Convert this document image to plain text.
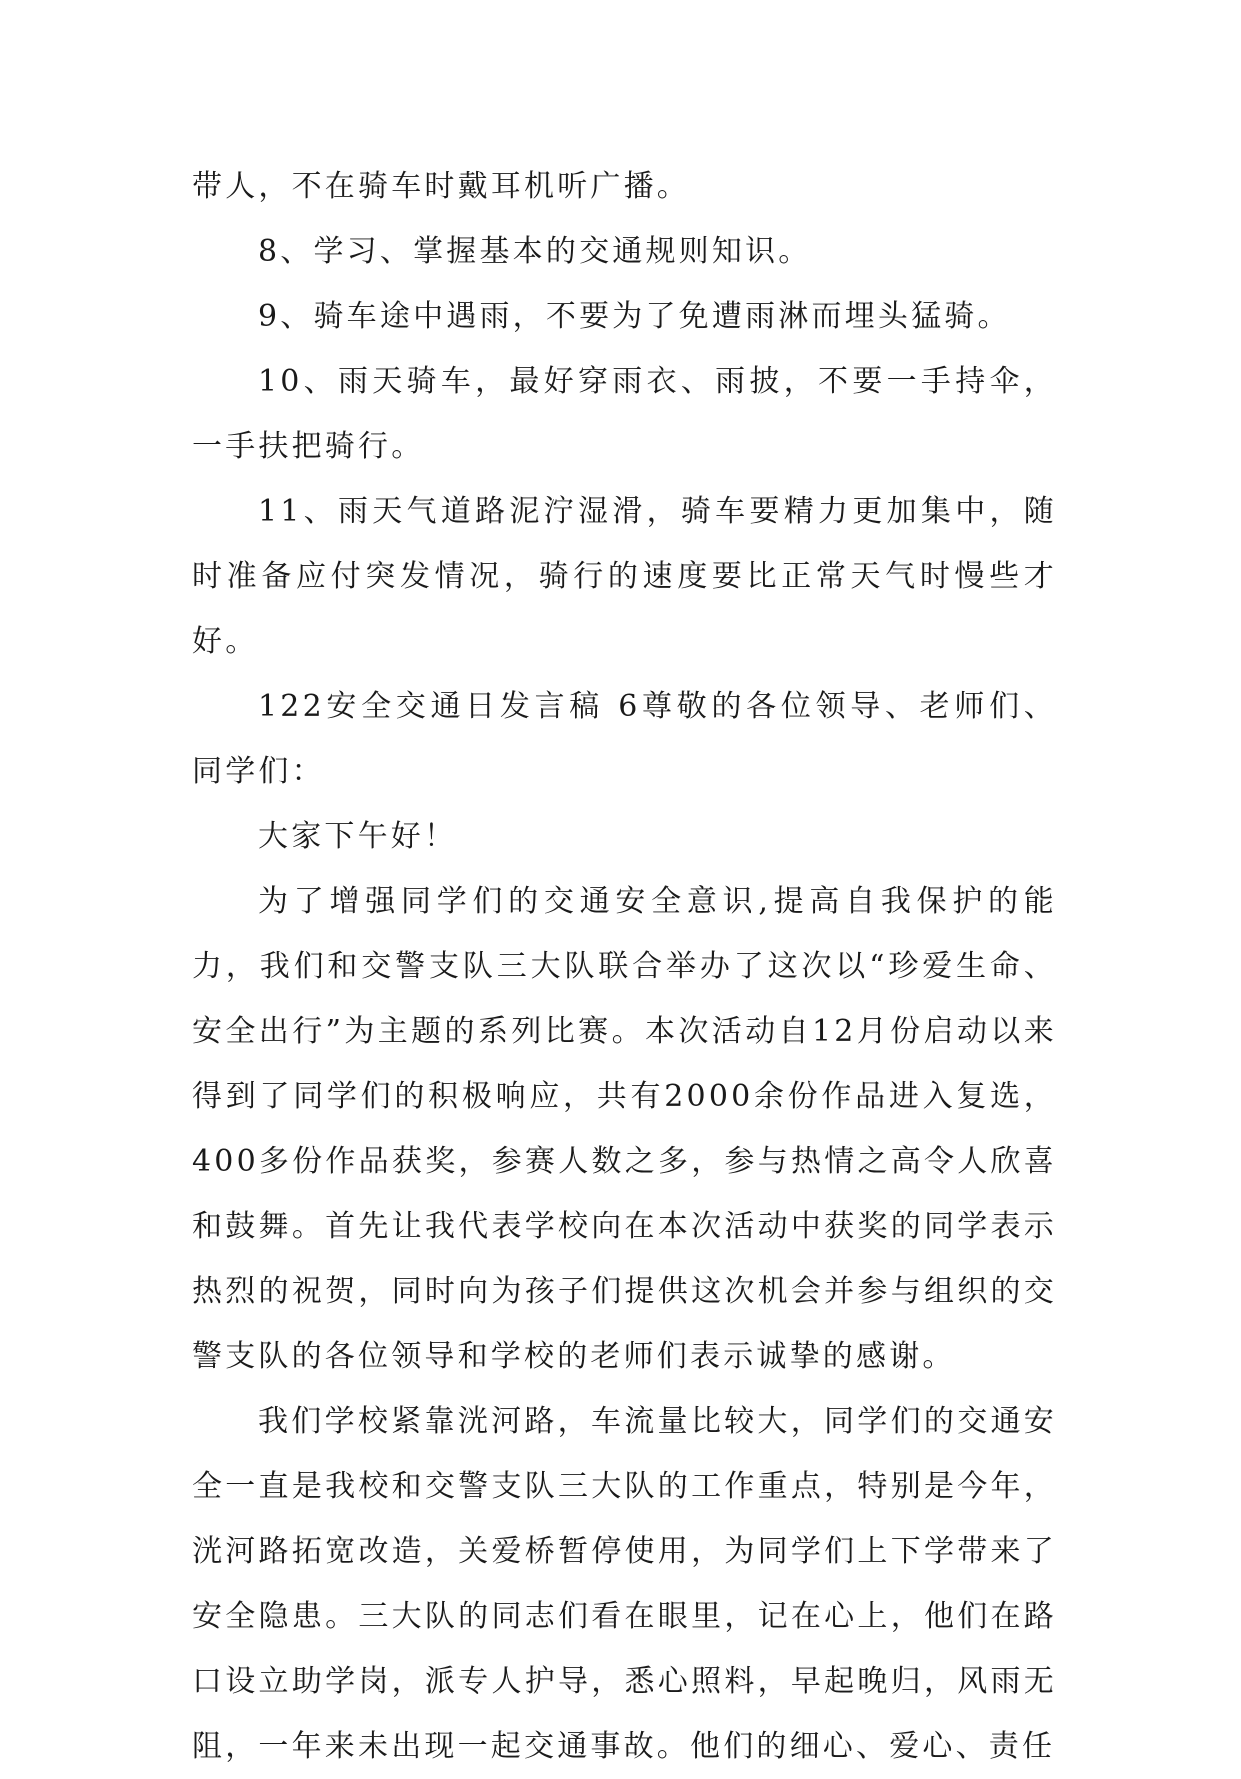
带人，不在骑车时戴耳机听广播。

8、学习、掌握基本的交通规则知识。

9、骑车途中遇雨，不要为了免遭雨淋而埋头猛骑。

10、雨天骑车，最好穿雨衣、雨披，不要一手持伞，一手扶把骑行。

11、雨天气道路泥泞湿滑，骑车要精力更加集中，随时准备应付突发情况，骑行的速度要比正常天气时慢些才好。

122安全交通日发言稿 6尊敬的各位领导、老师们、同学们：

大家下午好！

为了增强同学们的交通安全意识,提高自我保护的能力，我们和交警支队三大队联合举办了这次以“珍爱生命、安全出行”为主题的系列比赛。本次活动自12月份启动以来得到了同学们的积极响应，共有2000余份作品进入复选，400多份作品获奖，参赛人数之多，参与热情之高令人欣喜和鼓舞。首先让我代表学校向在本次活动中获奖的同学表示热烈的祝贺，同时向为孩子们提供这次机会并参与组织的交警支队的各位领导和学校的老师们表示诚挚的感谢。

我们学校紧靠洸河路，车流量比较大，同学们的交通安全一直是我校和交警支队三大队的工作重点，特别是今年，洸河路拓宽改造，关爱桥暂停使用，为同学们上下学带来了安全隐患。三大队的同志们看在眼里，记在心上，他们在路口设立助学岗，派专人护导，悉心照料，早起晚归，风雨无阻，一年来未出现一起交通事故。他们的细心、爱心、责任
